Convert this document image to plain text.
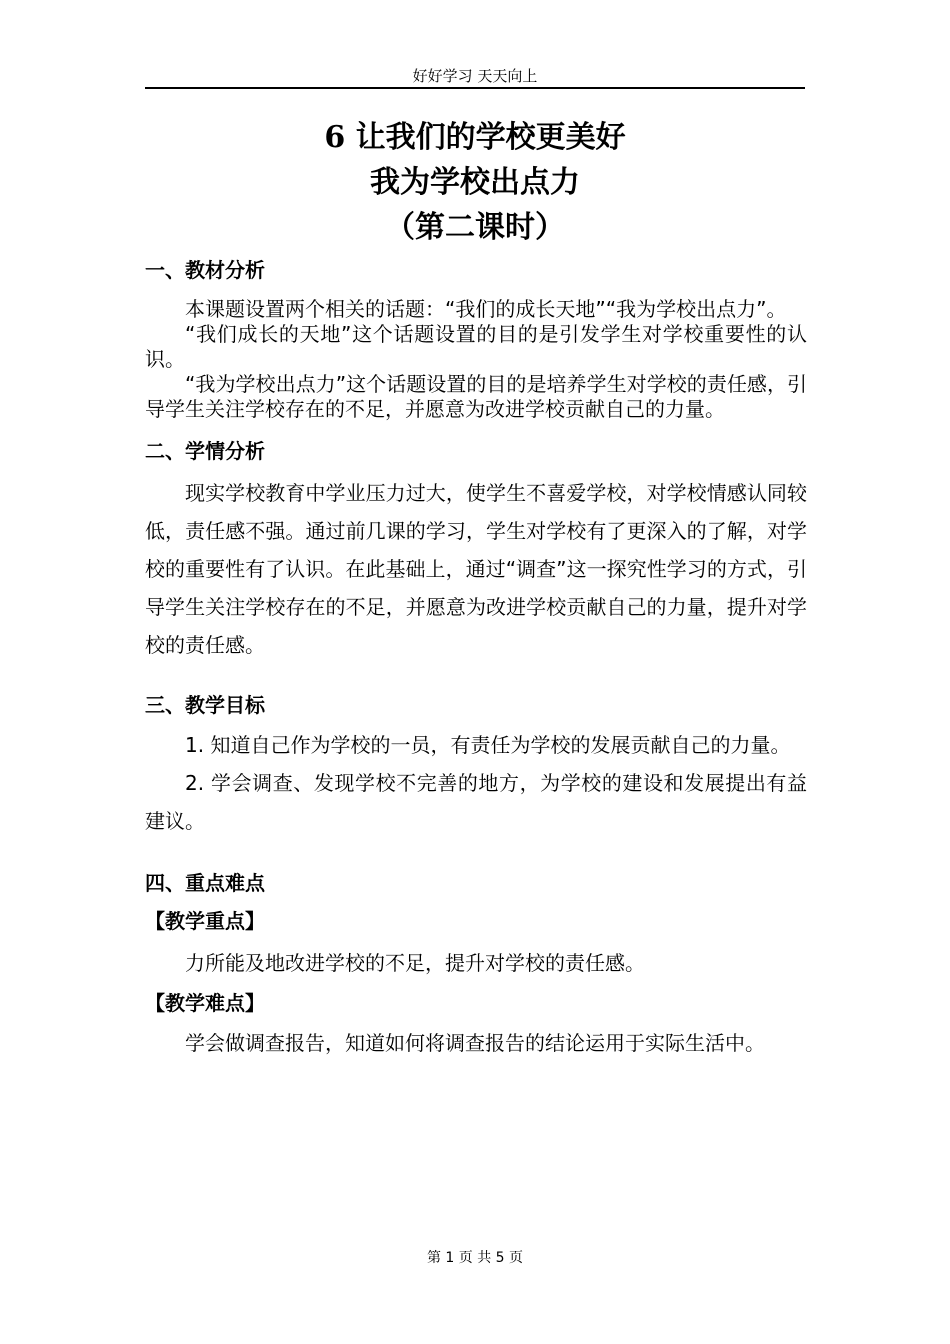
好好学习 天天向上
6 让我们的学校更美好
我为学校出点力
（第二课时）
一、教材分析

本课题设置两个相关的话题：“我们的成长天地”“我为学校出点力”。

“我们成长的天地”这个话题设置的目的是引发学生对学校重要性的认识。

“我为学校出点力”这个话题设置的目的是培养学生对学校的责任感，引导学生关注学校存在的不足，并愿意为改进学校贡献自己的力量。

二、学情分析

现实学校教育中学业压力过大，使学生不喜爱学校，对学校情感认同较低，责任感不强。通过前几课的学习，学生对学校有了更深入的了解，对学校的重要性有了认识。在此基础上，通过“调查”这一探究性学习的方式，引导学生关注学校存在的不足，并愿意为改进学校贡献自己的力量，提升对学校的责任感。

三、教学目标

1. 知道自己作为学校的一员，有责任为学校的发展贡献自己的力量。

2. 学会调查、发现学校不完善的地方，为学校的建设和发展提出有益建议。

四、重点难点
【教学重点】

力所能及地改进学校的不足，提升对学校的责任感。

【教学难点】

学会做调查报告，知道如何将调查报告的结论运用于实际生活中。

第 1 页 共 5 页
